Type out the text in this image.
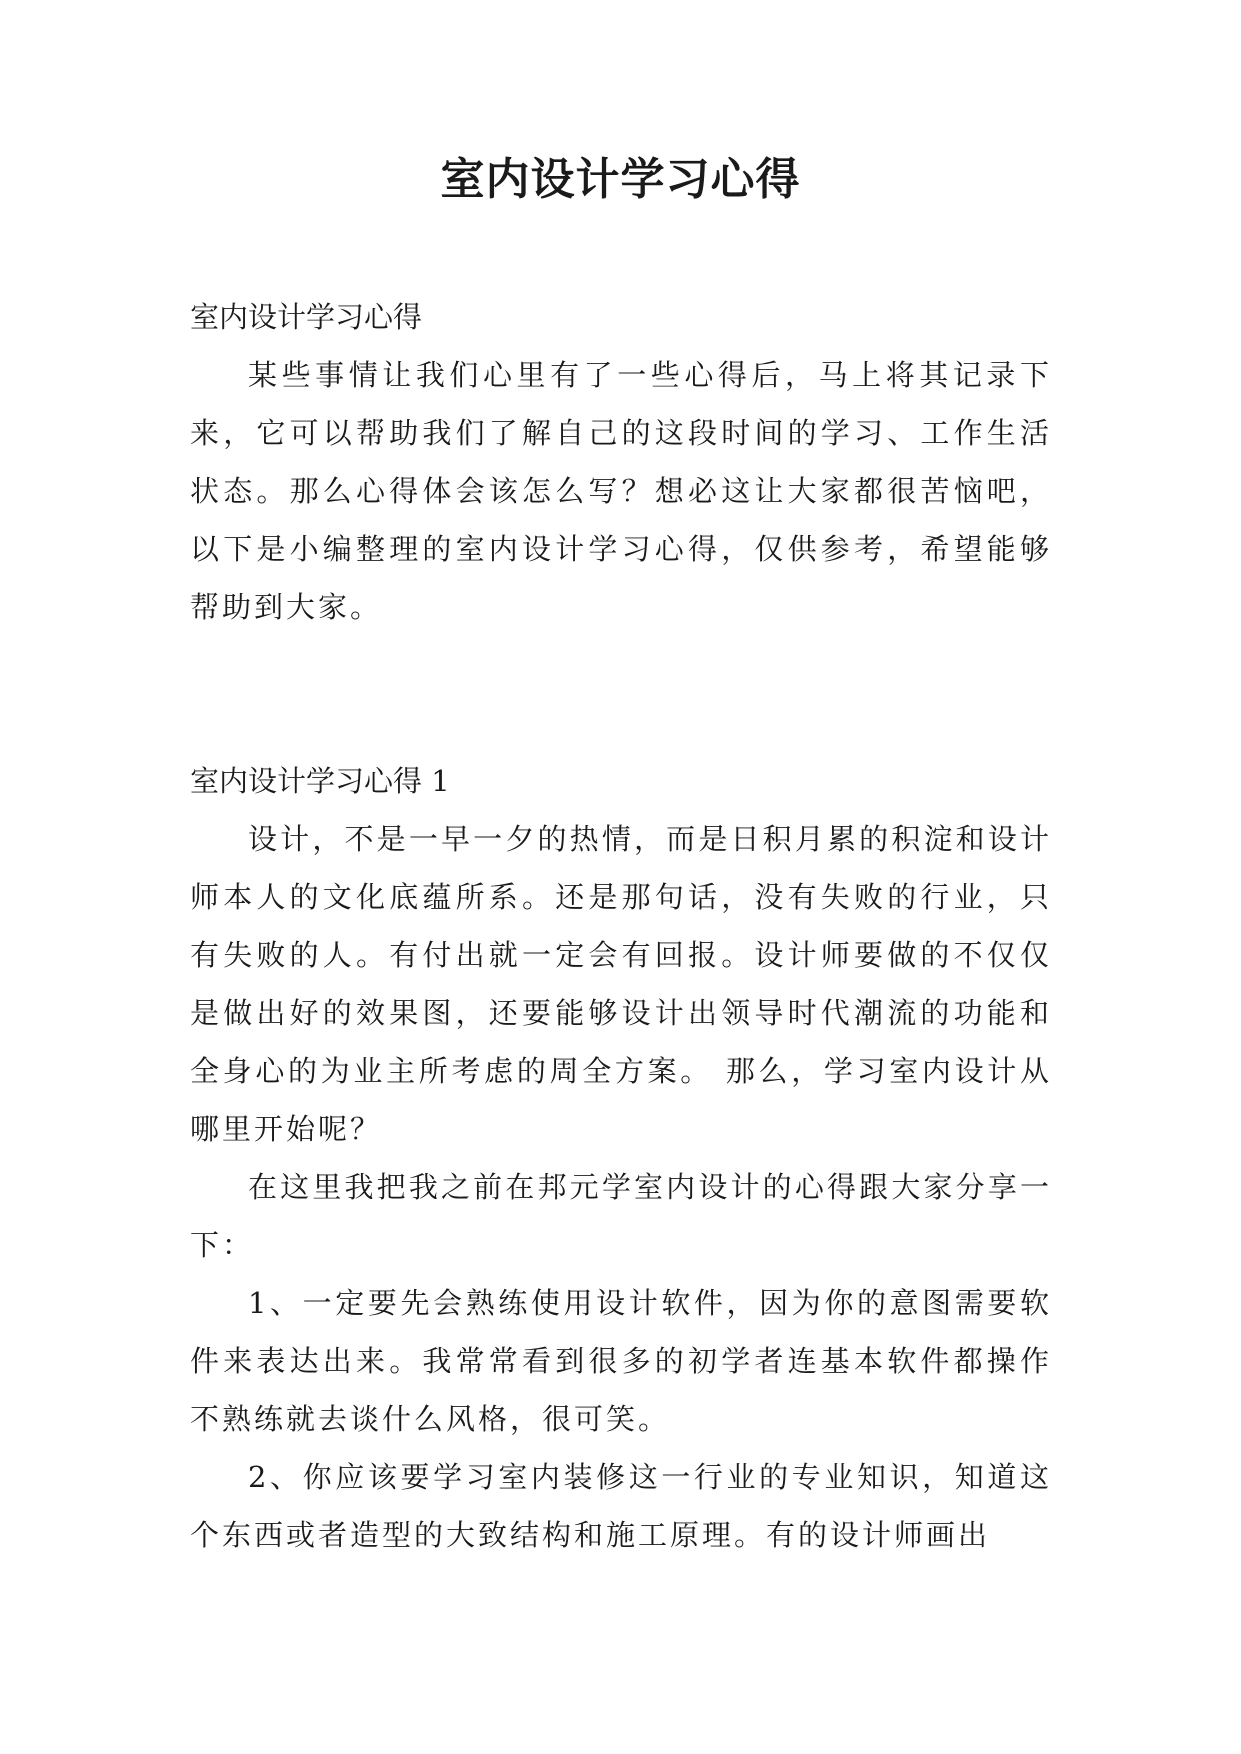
室内设计学习心得

室内设计学习心得

某些事情让我们心里有了一些心得后，马上将其记录下来，它可以帮助我们了解自己的这段时间的学习、工作生活状态。那么心得体会该怎么写？想必这让大家都很苦恼吧，以下是小编整理的室内设计学习心得，仅供参考，希望能够帮助到大家。

室内设计学习心得 1

设计，不是一早一夕的热情，而是日积月累的积淀和设计师本人的文化底蕴所系。还是那句话，没有失败的行业，只有失败的人。有付出就一定会有回报。设计师要做的不仅仅是做出好的效果图，还要能够设计出领导时代潮流的功能和全身心的为业主所考虑的周全方案。 那么，学习室内设计从哪里开始呢？

在这里我把我之前在邦元学室内设计的心得跟大家分享一下：

1、一定要先会熟练使用设计软件，因为你的意图需要软件来表达出来。我常常看到很多的初学者连基本软件都操作不熟练就去谈什么风格，很可笑。

2、你应该要学习室内装修这一行业的专业知识，知道这个东西或者造型的大致结构和施工原理。有的设计师画出
